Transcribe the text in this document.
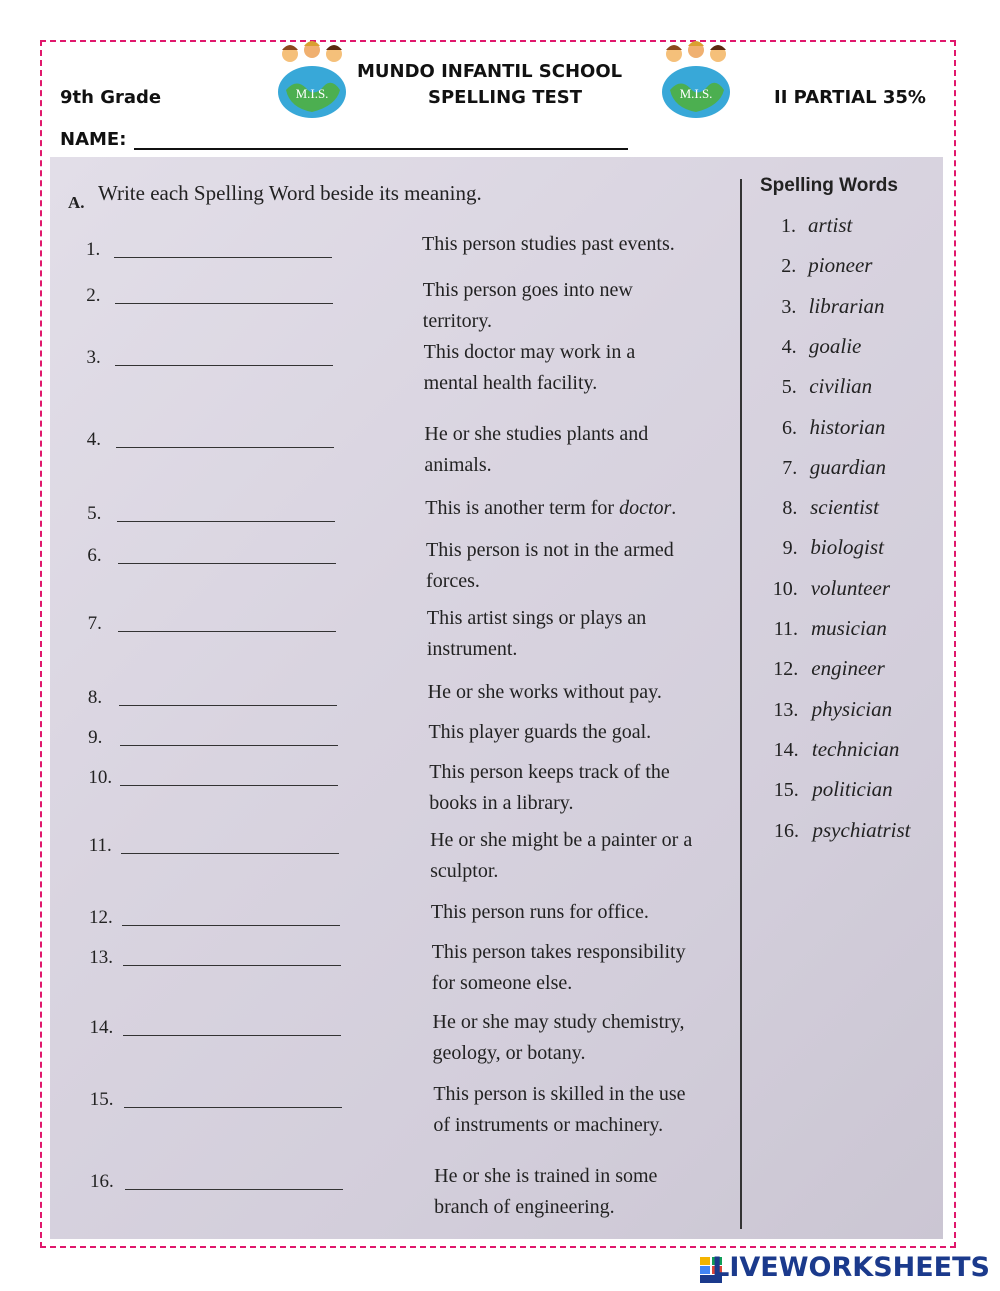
9th Grade	M.I.S.
MUNDO INFANTIL SCHOOL
SPELLING TEST	M.I.S.	II PARTIAL 35%
NAME:
A. Write each Spelling Word beside its meaning.
1.	This person studies past events.
2.	This person goes into new
territory.
3.	This doctor may work in a
mental health facility.
4.	He or she studies plants and
animals.
5.	This is another term for doctor.
6.	This person is not in the armed
forces.
7.	This artist sings or plays an
instrument.
8.	He or she works without pay.
9.	This player guards the goal.
10.	This person keeps track of the
books in a library.
11.	He or she might be a painter or a
sculptor.
12.	This person runs for office.
13.	This person takes responsibility
for someone else.
14.	He or she may study chemistry,
geology, or botany.
15.	This person is skilled in the use
of instruments or machinery.
16.	He or she is trained in some
branch of engineering.
Spelling Words
1. artist
2. pioneer
3. librarian
4. goalie
5. civilian
6. historian
7. guardian
8. scientist
9. biologist
10. volunteer
11. musician
12. engineer
13. physician
14. technician
15. politician
16. psychiatrist
LIVEWORKSHEETS
